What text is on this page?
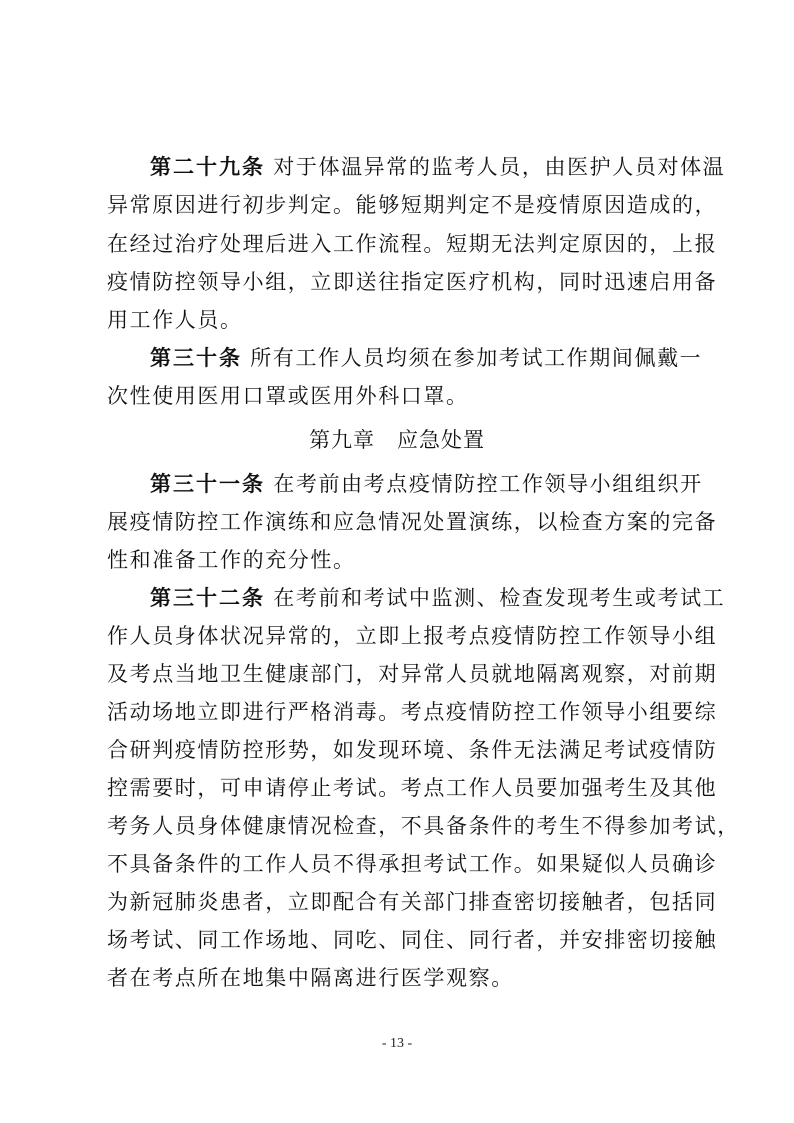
第二十九条 对于体温异常的监考人员，由医护人员对体温
异常原因进行初步判定。能够短期判定不是疫情原因造成的，
在经过治疗处理后进入工作流程。短期无法判定原因的，上报
疫情防控领导小组，立即送往指定医疗机构，同时迅速启用备
用工作人员。
第三十条 所有工作人员均须在参加考试工作期间佩戴一
次性使用医用口罩或医用外科口罩。
第九章　应急处置
第三十一条 在考前由考点疫情防控工作领导小组组织开
展疫情防控工作演练和应急情况处置演练，以检查方案的完备
性和准备工作的充分性。
第三十二条 在考前和考试中监测、检查发现考生或考试工
作人员身体状况异常的，立即上报考点疫情防控工作领导小组
及考点当地卫生健康部门，对异常人员就地隔离观察，对前期
活动场地立即进行严格消毒。考点疫情防控工作领导小组要综
合研判疫情防控形势，如发现环境、条件无法满足考试疫情防
控需要时，可申请停止考试。考点工作人员要加强考生及其他
考务人员身体健康情况检查，不具备条件的考生不得参加考试，
不具备条件的工作人员不得承担考试工作。如果疑似人员确诊
为新冠肺炎患者，立即配合有关部门排查密切接触者，包括同
场考试、同工作场地、同吃、同住、同行者，并安排密切接触
者在考点所在地集中隔离进行医学观察。
- 13 -
